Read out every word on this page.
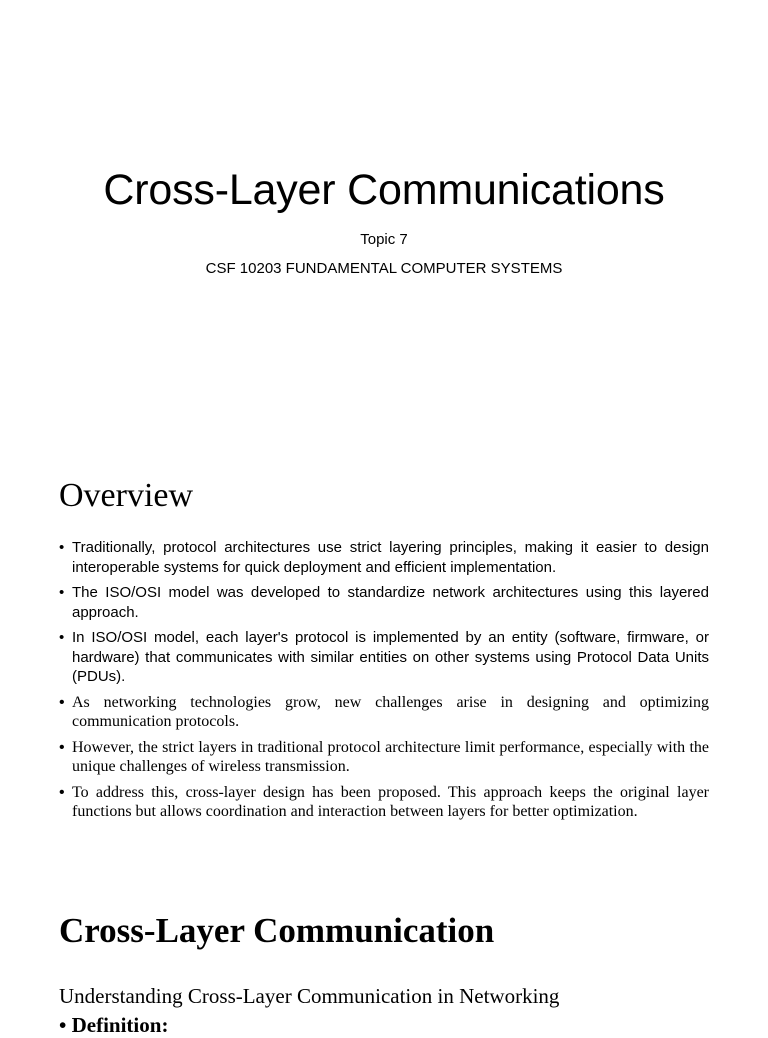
Cross-Layer Communications

Topic 7

CSF 10203 FUNDAMENTAL COMPUTER SYSTEMS

Overview
• Traditionally, protocol architectures use strict layering principles, making it easier to design interoperable systems for quick deployment and efficient implementation.
• The ISO/OSI model was developed to standardize network architectures using this layered approach.
• In ISO/OSI model, each layer's protocol is implemented by an entity (software, firmware, or hardware) that communicates with similar entities on other systems using Protocol Data Units (PDUs).
• As networking technologies grow, new challenges arise in designing and optimizing communication protocols.
• However, the strict layers in traditional protocol architecture limit performance, especially with the unique challenges of wireless transmission.
• To address this, cross-layer design has been proposed. This approach keeps the original layer functions but allows coordination and interaction between layers for better optimization.
Cross-Layer Communication

Understanding Cross-Layer Communication in Networking

• Definition:
